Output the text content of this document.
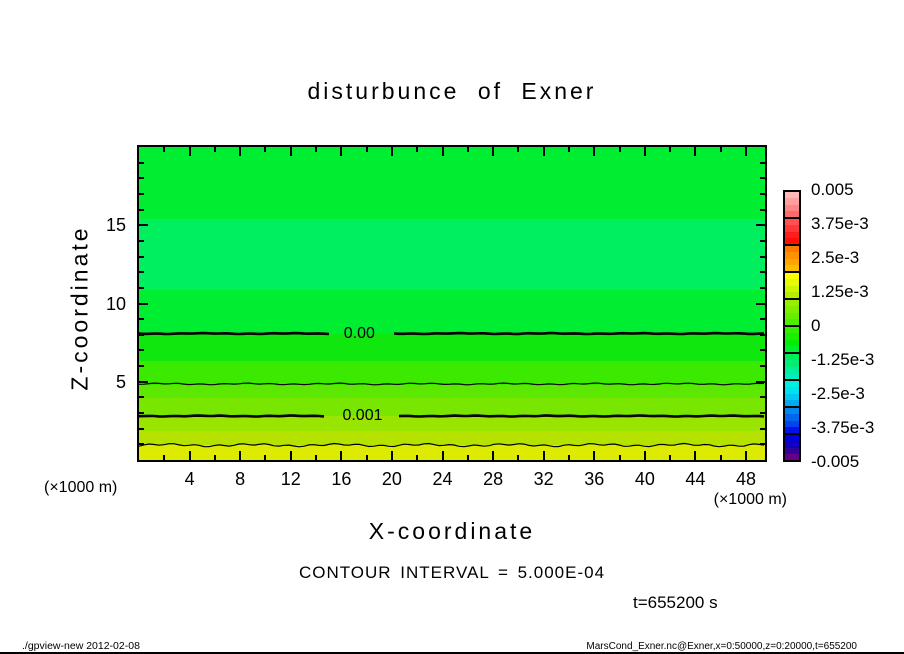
disturbunce of Exner
Z-coordinate
(×1000 m)
(×1000 m)
X-coordinate
CONTOUR INTERVAL = 5.000E-04
t=655200 s
./gpview-new 2012-02-08	MarsCond_Exner.nc@Exner,x=0:50000,z=0:20000,t=655200
0.00
0.001
4 8 12 16 20 24 28 32 36 40 44 48
5
10
15
0.005
3.75e-3
2.5e-3
1.25e-3
0
-1.25e-3
-2.5e-3
-3.75e-3
-0.005
